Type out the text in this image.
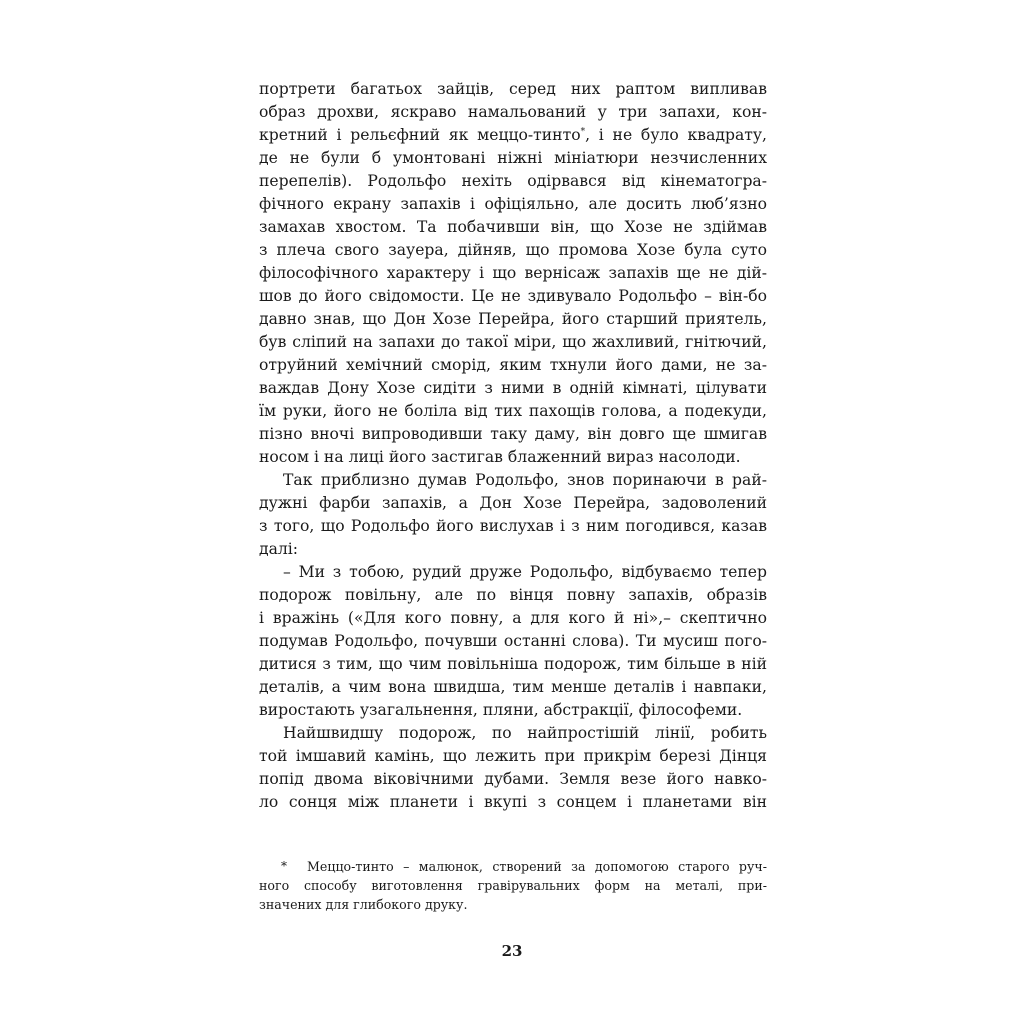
портрети багатьох зайців, серед них раптом випливав
образ дрохви, яскраво намальований у три запахи, кон-
кретний і рельєфний як меццо-тинто*, і не було квадрату,
де не були б умонтовані ніжні мініатюри незчисленних
перепелів). Родольфо нехіть одірвався від кінематогра-
фічного екрану запахів і офіціяльно, але досить люб’язно
замахав хвостом. Та побачивши він, що Хозе не здіймав
з плеча свого зауера, дійняв, що промова Хозе була суто
філософічного характеру і що вернісаж запахів ще не дій-
шов до його свідомости. Це не здивувало Родольфо – він-бо
давно знав, що Дон Хозе Перейра, його старший приятель,
був сліпий на запахи до такої міри, що жахливий, гнітючий,
отруйний хемічний сморід, яким тхнули його дами, не за-
важдав Дону Хозе сидіти з ними в одній кімнаті, цілувати
їм руки, його не боліла від тих пахощів голова, а подекуди,
пізно вночі випроводивши таку даму, він довго ще шмигав
носом і на лиці його застигав блаженний вираз насолоди.
Так приблизно думав Родольфо, знов поринаючи в рай-
дужні фарби запахів, а Дон Хозе Перейра, задоволений
з того, що Родольфо його вислухав і з ним погодився, казав
далі:
– Ми з тобою, рудий друже Родольфо, відбуваємо тепер
подорож повільну, але по вінця повну запахів, образів
і вражінь («Для кого повну, а для кого й ні»,– скептично
подумав Родольфо, почувши останні слова). Ти мусиш пого-
дитися з тим, що чим повільніша подорож, тим більше в ній
деталів, а чим вона швидша, тим менше деталів і навпаки,
виростають узагальнення, пляни, абстракції, філософеми.
Найшвидшу подорож, по найпростішій лінії, робить
той імшавий камінь, що лежить при прикрім березі Дінця
попід двома віковічними дубами. Земля везе його навко-
ло сонця між планети і вкупі з сонцем і планетами він
*	Меццо-тинто – малюнок, створений за допомогою старого руч-
ного способу виготовлення гравірувальних форм на металі, при-
значених для глибокого друку.
23
